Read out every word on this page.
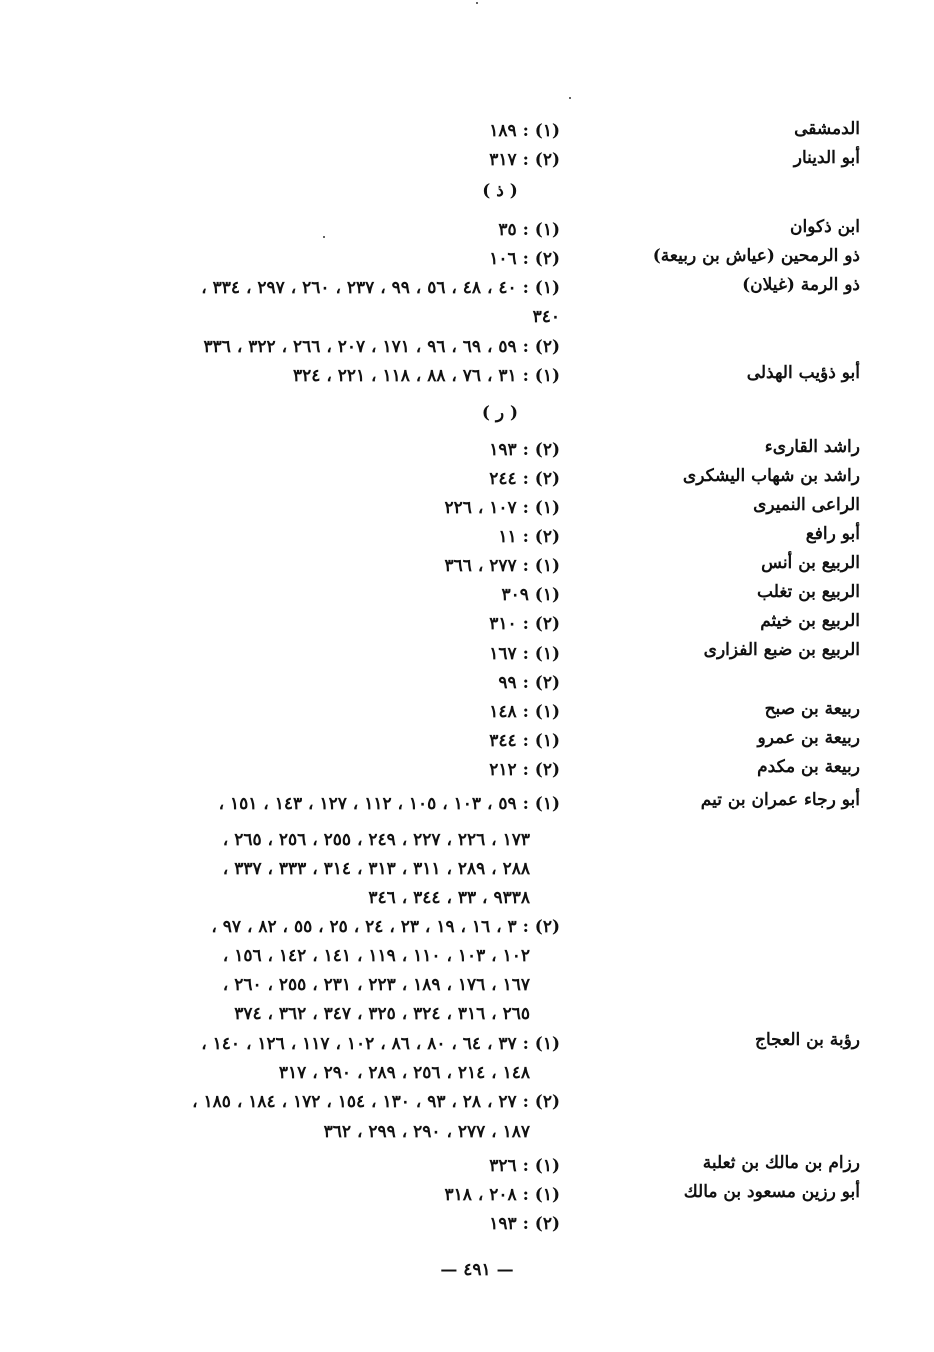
الدمشقى
(١) : ١٨٩
أبو الدينار
(٢) : ٣١٧
( ذ )
ابن ذكوان
(١) : ٣٥
ذو الرمحين (عياش بن ربيعة)
(٢) : ١٠٦
ذو الرمة (غيلان)
(١) : ٤٠ ، ٤٨ ، ٥٦ ، ٩٩ ، ٢٣٧ ، ٢٦٠ ، ٢٩٧ ، ٣٣٤ ،
٣٤٠
(٢) : ٥٩ ، ٦٩ ، ٩٦ ، ١٧١ ، ٢٠٧ ، ٢٦٦ ، ٣٢٢ ، ٣٣٦
أبو ذؤيب الهذلى
(١) : ٣١ ، ٧٦ ، ٨٨ ، ١١٨ ، ٢٢١ ، ٣٢٤
( ر )
راشد القارىء
(٢) : ١٩٣
راشد بن شهاب اليشكرى
(٢) : ٢٤٤
الراعى النميرى
(١) : ١٠٧ ، ٢٢٦
أبو رافع
(٢) : ١١
الربيع بن أنس
(١) : ٢٧٧ ، ٣٦٦
الربيع بن تغلب
(١) ٣٠٩
الربيع بن خيثم
(٢) : ٣١٠
الربيع بن ضبع الفزارى
(١) : ١٦٧
(٢) : ٩٩
ربيعة بن صبح
(١) : ١٤٨
ربيعة بن عمرو
(١) : ٣٤٤
ربيعة بن مكدم
(٢) : ٢١٢
أبو رجاء عمران بن تيم
(١) : ٥٩ ، ١٠٣ ، ١٠٥ ، ١١٢ ، ١٢٧ ، ١٤٣ ، ١٥١ ،
١٧٣ ، ٢٢٦ ، ٢٢٧ ، ٢٤٩ ، ٢٥٥ ، ٢٥٦ ، ٢٦٥ ،
٢٨٨ ، ٢٨٩ ، ٣١١ ، ٣١٣ ، ٣١٤ ، ٣٣٣ ، ٣٣٧ ،
٩٣٣٨ ، ٣٣ ، ٣٤٤ ، ٣٤٦
(٢) : ٣ ، ١٦ ، ١٩ ، ٢٣ ، ٢٤ ، ٢٥ ، ٥٥ ، ٨٢ ، ٩٧ ،
١٠٢ ، ١٠٣ ، ١١٠ ، ١١٩ ، ١٤١ ، ١٤٢ ، ١٥٦ ،
١٦٧ ، ١٧٦ ، ١٨٩ ، ٢٢٣ ، ٢٣١ ، ٢٥٥ ، ٢٦٠ ،
٢٦٥ ، ٣١٦ ، ٣٢٤ ، ٣٢٥ ، ٣٤٧ ، ٣٦٢ ، ٣٧٤
رؤبة بن العجاج
(١) : ٣٧ ، ٦٤ ، ٨٠ ، ٨٦ ، ١٠٢ ، ١١٧ ، ١٢٦ ، ١٤٠ ،
١٤٨ ، ٢١٤ ، ٢٥٦ ، ٢٨٩ ، ٢٩٠ ، ٣١٧
(٢) : ٢٧ ، ٢٨ ، ٩٣ ، ١٣٠ ، ١٥٤ ، ١٧٢ ، ١٨٤ ، ١٨٥ ،
١٨٧ ، ٢٧٧ ، ٢٩٠ ، ٢٩٩ ، ٣٦٢
رزام بن مالك بن ثعلبة
(١) : ٣٢٦
أبو رزين مسعود بن مالك
(١) : ٢٠٨ ، ٣١٨
(٢) : ١٩٣
— ٤٩١ —
